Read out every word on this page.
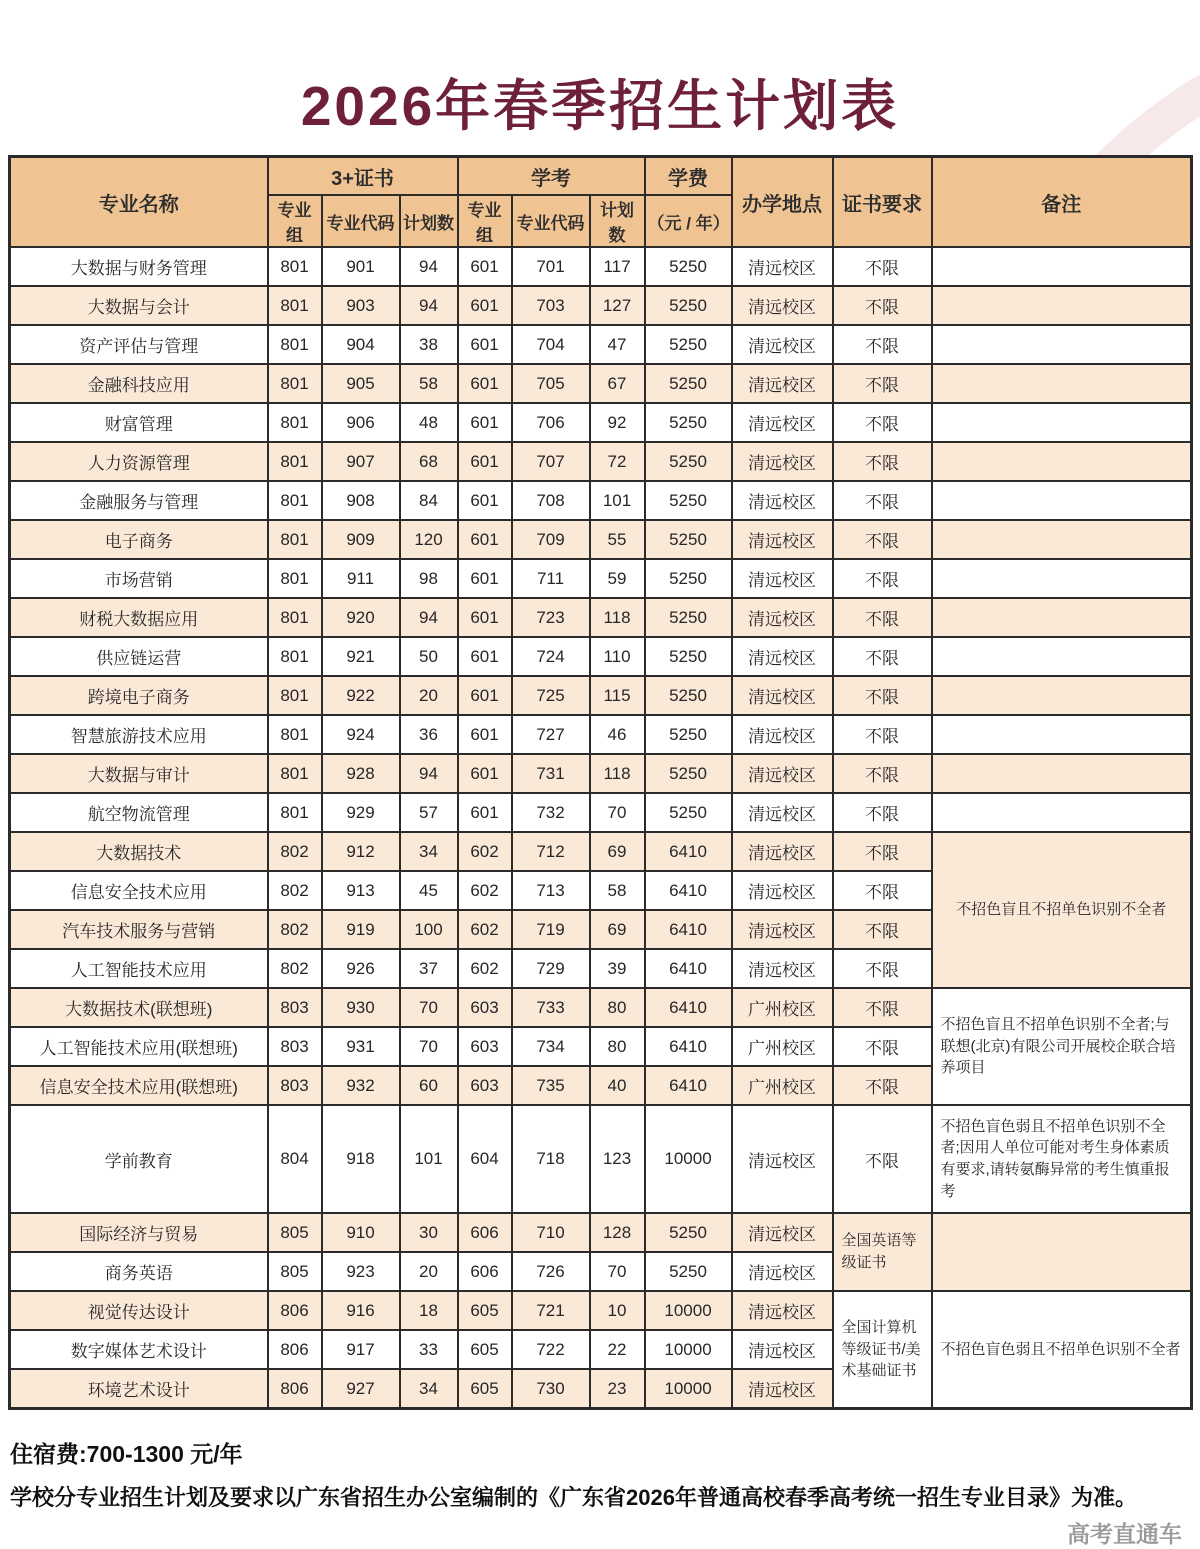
2026年春季招生计划表
专业名称	3+证书			学考			学费	办学地点	证书要求	备注
	专业组	专业代码	计划数	专业组	专业代码	计划数	（元 / 年）			
大数据与财务管理	801	901	94	601	701	117	5250	清远校区	不限	
大数据与会计	801	903	94	601	703	127	5250	清远校区	不限	
资产评估与管理	801	904	38	601	704	47	5250	清远校区	不限	
金融科技应用	801	905	58	601	705	67	5250	清远校区	不限	
财富管理	801	906	48	601	706	92	5250	清远校区	不限	
人力资源管理	801	907	68	601	707	72	5250	清远校区	不限	
金融服务与管理	801	908	84	601	708	101	5250	清远校区	不限	
电子商务	801	909	120	601	709	55	5250	清远校区	不限	
市场营销	801	911	98	601	711	59	5250	清远校区	不限	
财税大数据应用	801	920	94	601	723	118	5250	清远校区	不限	
供应链运营	801	921	50	601	724	110	5250	清远校区	不限	
跨境电子商务	801	922	20	601	725	115	5250	清远校区	不限	
智慧旅游技术应用	801	924	36	601	727	46	5250	清远校区	不限	
大数据与审计	801	928	94	601	731	118	5250	清远校区	不限	
航空物流管理	801	929	57	601	732	70	5250	清远校区	不限	
大数据技术	802	912	34	602	712	69	6410	清远校区	不限	不招色盲且不招单色识别不全者
信息安全技术应用	802	913	45	602	713	58	6410	清远校区	不限	
汽车技术服务与营销	802	919	100	602	719	69	6410	清远校区	不限	
人工智能技术应用	802	926	37	602	729	39	6410	清远校区	不限	
大数据技术(联想班)	803	930	70	603	733	80	6410	广州校区	不限	不招色盲且不招单色识别不全者;与联想(北京)有限公司开展校企联合培养项目
人工智能技术应用(联想班)	803	931	70	603	734	80	6410	广州校区	不限	
信息安全技术应用(联想班)	803	932	60	603	735	40	6410	广州校区	不限	
学前教育	804	918	101	604	718	123	10000	清远校区	不限	不招色盲色弱且不招单色识别不全者;因用人单位可能对考生身体素质有要求,请转氨酶异常的考生慎重报考
国际经济与贸易	805	910	30	606	710	128	5250	清远校区	全国英语等级证书	
商务英语	805	923	20	606	726	70	5250	清远校区		
视觉传达设计	806	916	18	605	721	10	10000	清远校区	全国计算机等级证书/美术基础证书	不招色盲色弱且不招单色识别不全者
数字媒体艺术设计	806	917	33	605	722	22	10000	清远校区		
环境艺术设计	806	927	34	605	730	23	10000	清远校区		

住宿费:700-1300 元/年

学校分专业招生计划及要求以广东省招生办公室编制的《广东省2026年普通高校春季高考统一招生专业目录》为准。

高考直通车
